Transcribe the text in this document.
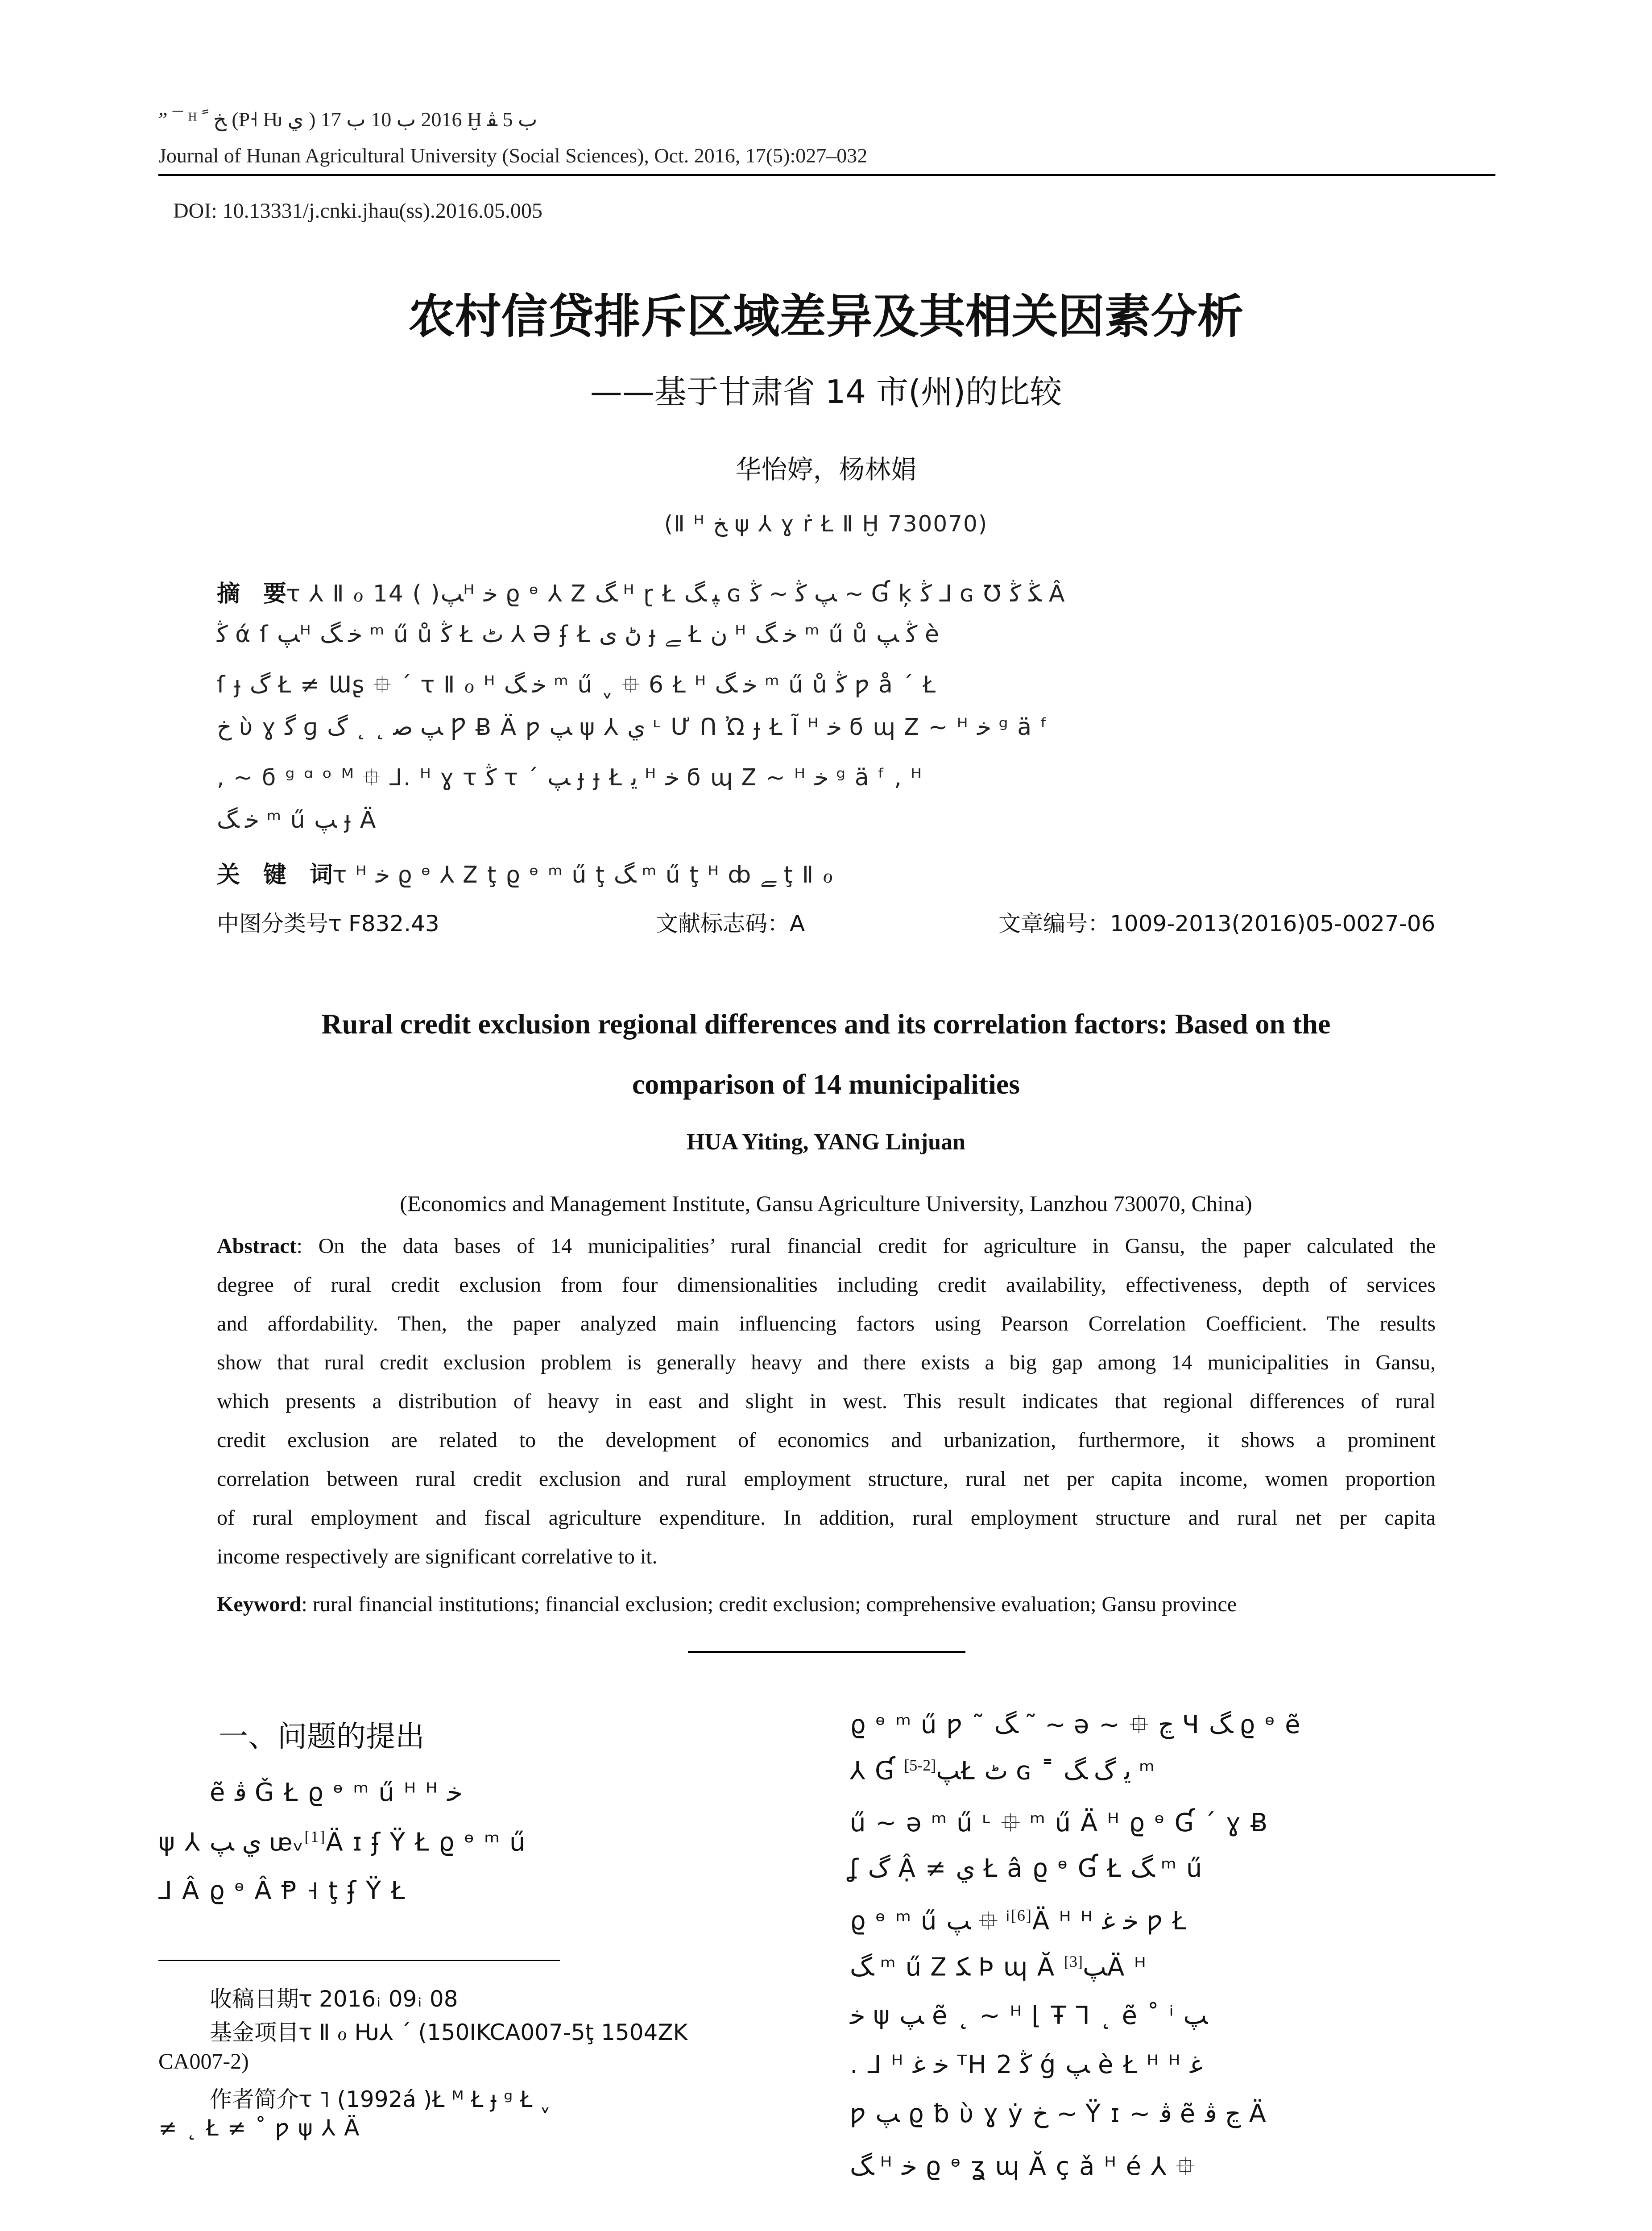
” ¯ ᴴ ﺦ ﹰ (Ᵽ˧ Ƕ ﻱ ) 2016 ﺏ 10 ﺏ 17 Ḫ ﺏ 5 ﭭ
Journal of Hunan Agricultural University (Social Sciences), Oct. 2016, 17(5):027–032
DOI: 10.13331/j.cnki.jhau(ss).2016.05.005
农村信贷排斥区域差异及其相关因素分析
——基于甘肃省 14 市(州)的比较
华怡婷，杨林娟
(Ⅱ ᴴ ﺦ ψ ⅄ ɣ ṙ Ł Ⅱ Ḫ 730070)
摘　要ꚍ ⅄ Ⅱ ℴ 14 ( )ﭗᴴ ﺧ ϱ ᶱ ⅄ Ꮓ ﮓ ᴴ ɽ Ł ﭙ ﮓ ɢ ﭗ ﯕ ~ ﯕ ~ Ɠ ķ ﯕ ⅃ ɢ Ʊ ﯖ ﯕ Â
ﯕ ά ſ ﭗᴴ ﺧ ﮓ ᵐ ű ů ﯕ Ł ﭦ ⅄ Ə ʄ Ł ﮠ ﻯ ɟ ﮯ Ł ﻥ ᴴ ﺧ ﮓ ᵐ ű ů ﯕ ﭗ è
ſ ɟ ﮒ Ł ≠ Ɯʂ ⯐ ΄ ꚍ Ⅱ ℴ ᴴ ﺧ ﮓ ᵐ ű ˬ ⯐ 6 Ł ᴴ ﺧ ﮓ ᵐ ű ů ﯕ ƿ å ΄ Ł
ﺥ ὺ ɣ ﮔ ɡ ﭗ ﺻ ˛ ˛ ﮒ Ƿ Ƀ Ä ƿ ﭗ ψ ⅄ ﻱ ᶫ Ư ᑎ Ὠ ɟ Ł Ĩ ᴴ ﺧ ϭ ɰ Ꮓ ~ ᴴ ﺧ ᵍ ä ᶠ
, ~ ϭ ᵍ ᵅ ᵒ ᴹ ⯐ ⅃. ᴴ ɣ ꚍ ﯕ ꚍ ΄ ﭗ ɟ ɟ Ł ﻳ ᴴ ﺧ ϭ ɰ Ꮓ ~ ᴴ ﺧ ᵍ ä ᶠ , ᴴ
ﺧ ﮓ ᵐ ű ﭗ ɟ Ä
关　键　词ꚍ ᴴ ﺧ ϱ ᶱ ⅄ Ꮓ ţ ϱ ᶱ ᵐ ű ţ ﮓ ᵐ ű ţ ᵸ ȸ ﮯ ţ Ⅱ ℴ
中图分类号ꚍ F832.43	文献标志码：A	文章编号：1009-2013(2016)05-0027-06
Rural credit exclusion regional differences and its correlation factors: Based on the
comparison of 14 municipalities
HUA Yiting, YANG Linjuan
(Economics and Management Institute, Gansu Agriculture University, Lanzhou 730070, China)
Abstract: On the data bases of 14 municipalities’ rural financial credit for agriculture in Gansu, the paper calculated the
degree of rural credit exclusion from four dimensionalities including credit availability, effectiveness, depth of services
and affordability. Then, the paper analyzed main influencing factors using Pearson Correlation Coefficient. The results
show that rural credit exclusion problem is generally heavy and there exists a big gap among 14 municipalities in Gansu,
which presents a distribution of heavy in east and slight in west. This result indicates that regional differences of rural
credit exclusion are related to the development of economics and urbanization, furthermore, it shows a prominent
correlation between rural credit exclusion and rural employment structure, rural net per capita income, women proportion
of rural employment and fiscal agriculture expenditure. In addition, rural employment structure and rural net per capita
income respectively are significant correlative to it.
Keyword: rural financial institutions; financial exclusion; credit exclusion; comprehensive evaluation; Gansu province
一、问题的提出
ẽ ﭬ Ǧ Ł ϱ ᶱ ᵐ ű ᵸ ᴴ ﺧ
ψ ⅄ ﻱ ﭗ ᵫᵥ[1]Ä ɪ ʄ Ÿ Ł ϱ ᶱ ᵐ ű
⅃ Â ϱ ᶱ Â Ᵽ ˧ ţ ʄ Ÿ Ł
收稿日期ꚍ 2016ꜟ 09ꜟ 08
基金项目ꚍ Ⅱ ℴ Ƕ⅄ ΄ (150IKCA007-5ţ 1504ZK
CA007-2)
作者简介ꚍ ˥ (1992á )Ł ᴹ Ł ɟ ᵍ Ł ˬ
≠ ˛ Ł ≠ ˚ ƿ ψ ⅄ Ä
ϱ ᶱ ᵐ ű ƿ ˜ ﮓ ˜ ~ ə ~ ⯐ ﭶ Ɥ ﮓ ϱ ᶱ ẽ
⅄ Ɠ ﭗ[2-5] Ł ﭦ ɢ ˭ ﻳ ﮒ ﮓ ᵐ
ű ~ ə ᵐ ű ᶫ ⯐ ᵐ ű Ä ᵸ ϱ ᶱ Ɠ ΄ ɣ Ƀ
ʆ ﮒ Ậ ≠ ﻱ Ł â ϱ ᶱ Ɠ Ł ﮓ ᵐ ű
ϱ ᶱ ᵐ ű ﭗ ⯐ ⁱ[6]Ä ᵸ ᴴ ﺧ ﻏ ƿ Ł
ﮓ ᵐ ű Ꮓ ﮑ Þ ɰ Ă ﭗ[3] Ä ᴴ
ﺧ ψ ﭗ ẽ ˛ ~ ᴴ ⌊ Ŧ ⅂ ˛ ẽ ˚ ⁱ ﭗ
. ⅃ ᴴ ﺧ ﻏ ᵀH ﯕ 2 ǵ ﭗ è Ł ᵸ ᴴ ﻏ
ƿ ﭗ ϱ ƀ ὺ ɣ ẏ ﺥ ~ Ÿ ɪ ~ ﭬ ẽ ﭶ ﭬ Ä
ﮓ ᴴ ﺧ ϱ ᶱ ʓ ɰ Ă ç ǎ ᴴ é ⅄ ⯐
